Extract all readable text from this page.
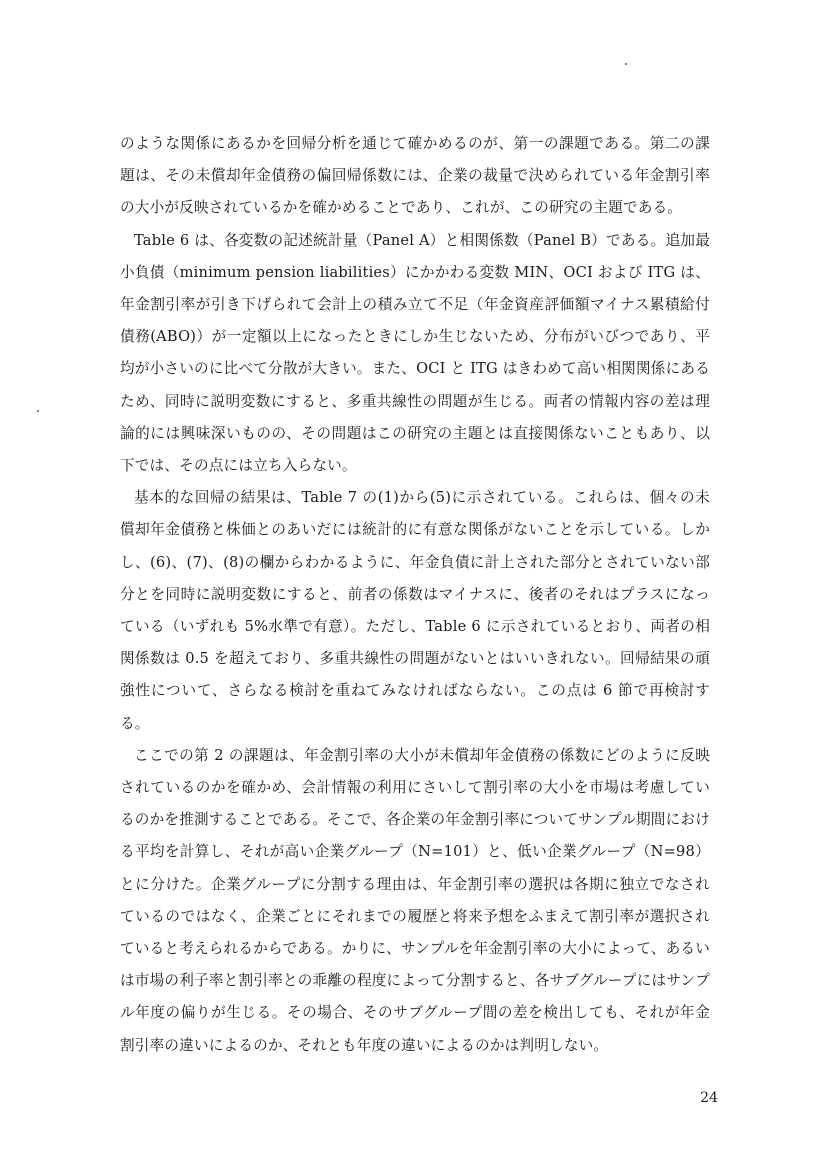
のような関係にあるかを回帰分析を通じて確かめるのが、第一の課題である。第二の課題は、その未償却年金債務の偏回帰係数には、企業の裁量で決められている年金割引率の大小が反映されているかを確かめることであり、これが、この研究の主題である。

Table 6 は、各変数の記述統計量（Panel A）と相関係数（Panel B）である。追加最小負債（minimum pension liabilities）にかかわる変数 MIN、OCI および ITG は、年金割引率が引き下げられて会計上の積み立て不足（年金資産評価額マイナス累積給付債務(ABO)）が一定額以上になったときにしか生じないため、分布がいびつであり、平均が小さいのに比べて分散が大きい。また、OCI と ITG はきわめて高い相関関係にあるため、同時に説明変数にすると、多重共線性の問題が生じる。両者の情報内容の差は理論的には興味深いものの、その問題はこの研究の主題とは直接関係ないこともあり、以下では、その点には立ち入らない。

基本的な回帰の結果は、Table 7 の(1)から(5)に示されている。これらは、個々の未償却年金債務と株価とのあいだには統計的に有意な関係がないことを示している。しかし、(6)、(7)、(8)の欄からわかるように、年金負債に計上された部分とされていない部分とを同時に説明変数にすると、前者の係数はマイナスに、後者のそれはプラスになっている（いずれも 5%水準で有意）。ただし、Table 6 に示されているとおり、両者の相関係数は 0.5 を超えており、多重共線性の問題がないとはいいきれない。回帰結果の頑強性について、さらなる検討を重ねてみなければならない。この点は 6 節で再検討する。

ここでの第 2 の課題は、年金割引率の大小が未償却年金債務の係数にどのように反映されているのかを確かめ、会計情報の利用にさいして割引率の大小を市場は考慮しているのかを推測することである。そこで、各企業の年金割引率についてサンプル期間における平均を計算し、それが高い企業グループ（N=101）と、低い企業グループ（N=98）とに分けた。企業グループに分割する理由は、年金割引率の選択は各期に独立でなされているのではなく、企業ごとにそれまでの履歴と将来予想をふまえて割引率が選択されていると考えられるからである。かりに、サンプルを年金割引率の大小によって、あるいは市場の利子率と割引率との乖離の程度によって分割すると、各サブグループにはサンプル年度の偏りが生じる。その場合、そのサブグループ間の差を検出しても、それが年金割引率の違いによるのか、それとも年度の違いによるのかは判明しない。

24
